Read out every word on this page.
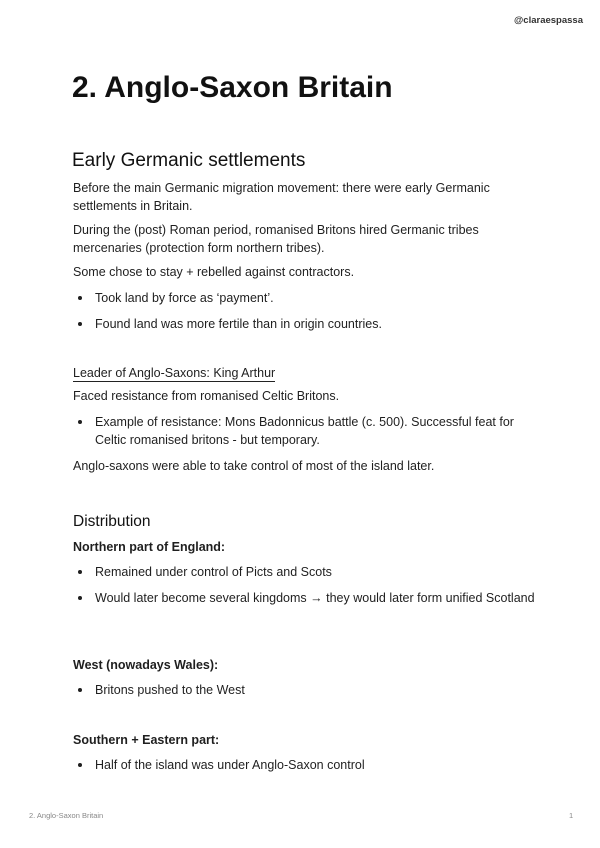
@claraespassa
2. Anglo-Saxon Britain
Early Germanic settlements
Before the main Germanic migration movement: there were early Germanic settlements in Britain.
During the (post) Roman period, romanised Britons hired Germanic tribes mercenaries (protection form northern tribes).
Some chose to stay + rebelled against contractors.
Took land by force as ‘payment’.
Found land was more fertile than in origin countries.
Leader of Anglo-Saxons: King Arthur
Faced resistance from romanised Celtic Britons.
Example of resistance: Mons Badonnicus battle (c. 500). Successful feat for Celtic romanised britons - but temporary.
Anglo-saxons were able to take control of most of the island later.
Distribution
Northern part of England:
Remained under control of Picts and Scots
Would later become several kingdoms → they would later form unified Scotland
West (nowadays Wales):
Britons pushed to the West
Southern + Eastern part:
Half of the island was under Anglo-Saxon control
2. Anglo-Saxon Britain	1
